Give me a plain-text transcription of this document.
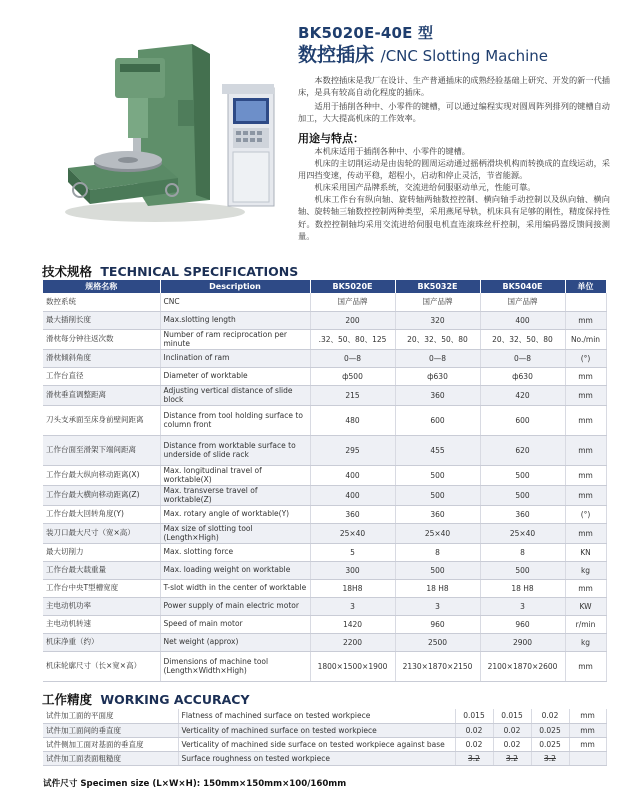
BK5020E-40E 型
数控插床 /CNC Slotting Machine

本数控插床是我厂在设计、生产普通插床的成熟经验基础上研究、开发的新一代插床，是具有较高自动化程度的插床。

适用于插削各种中、小零件的键槽，可以通过编程实现对圆周阵列排列的键槽自动加工，大大提高机床的工作效率。

用途与特点：

本机床适用于插削各种中、小零件的键槽。

机床的主切削运动是由齿轮的圆周运动通过摇柄滑块机构而转换成的直线运动，采用四挡变速，传动平稳，超程小，启动和停止灵活，节省能源。

机床采用国产品牌系统，交流进给伺服驱动单元，性能可靠。

机床工作台有纵向轴、旋转轴两轴数控控制、横向轴手动控制以及纵向轴、横向轴、旋转轴三轴数控控制两种类型，采用燕尾导轨，机床具有足够的刚性，精度保持性好。数控控制轴均采用交流进给伺服电机直连滚珠丝杆控制，采用编码器反馈间接测量。

技术规格 TECHNICAL SPECIFICATIONS
规格名称	Description	BK5020E	BK5032E	BK5040E	单位
数控系统	CNC	国产品牌	国产品牌	国产品牌	
最大插削长度	Max.slotting length	200	320	400	mm
滑枕每分钟往返次数	Number of ram reciprocation per minute	.32、50、80、125	20、32、50、80	20、32、50、80	No./min
滑枕倾斜角度	Inclination of ram	0—8	0—8	0—8	(°)
工作台直径	Diameter of worktable	ф500	ф630	ф630	mm
滑枕垂直调整距离	Adjusting vertical distance of slide block	215	360	420	mm
刀头支承面至床身前壁间距离	Distance from tool holding surface to column front	480	600	600	mm
工作台面至滑架下端间距离	Distance from worktable surface to underside of slide rack	295	455	620	mm
工作台最大纵向移动距离(X)	Max. longitudinal travel of worktable(X)	400	500	500	mm
工作台最大横向移动距离(Z)	Max. transverse travel of worktable(Z)	400	500	500	mm
工作台最大回转角度(Y)	Max. rotary angle of worktable(Y)	360	360	360	(°)
装刀口最大尺寸（宽×高）	Max size of slotting tool (Length×High)	25×40	25×40	25×40	mm
最大切削力	Max. slotting force	5	8	8	KN
工作台最大载重量	Max. loading weight on worktable	300	500	500	kg
工作台中央T型槽宽度	T-slot width in the center of worktable	18H8	18 H8	18 H8	mm
主电动机功率	Power supply of main electric motor	3	3	3	KW
主电动机转速	Speed of main motor	1420	960	960	r/min
机床净重（约）	Net weight (approx)	2200	2500	2900	kg
机床轮廓尺寸（长×宽×高）	Dimensions of machine tool (Length×Width×High)	1800×1500×1900	2130×1870×2150	2100×1870×2600	mm
工作精度 WORKING ACCURACY
试件加工面的平面度	Flatness of machined surface on tested workpiece	0.015	0.015	0.02	mm
试件加工面间的垂直度	Verticality of machined surface on tested workpiece	0.02	0.02	0.025	mm
试件侧加工面对基面的垂直度	Verticality of machined side surface on tested workpiece against base	0.02	0.02	0.025	mm
试件加工面表面粗糙度	Surface roughness on tested workpiece	3.2	3.2	3.2	
试件尺寸 Specimen size (L×W×H): 150mm×150mm×100/160mm
